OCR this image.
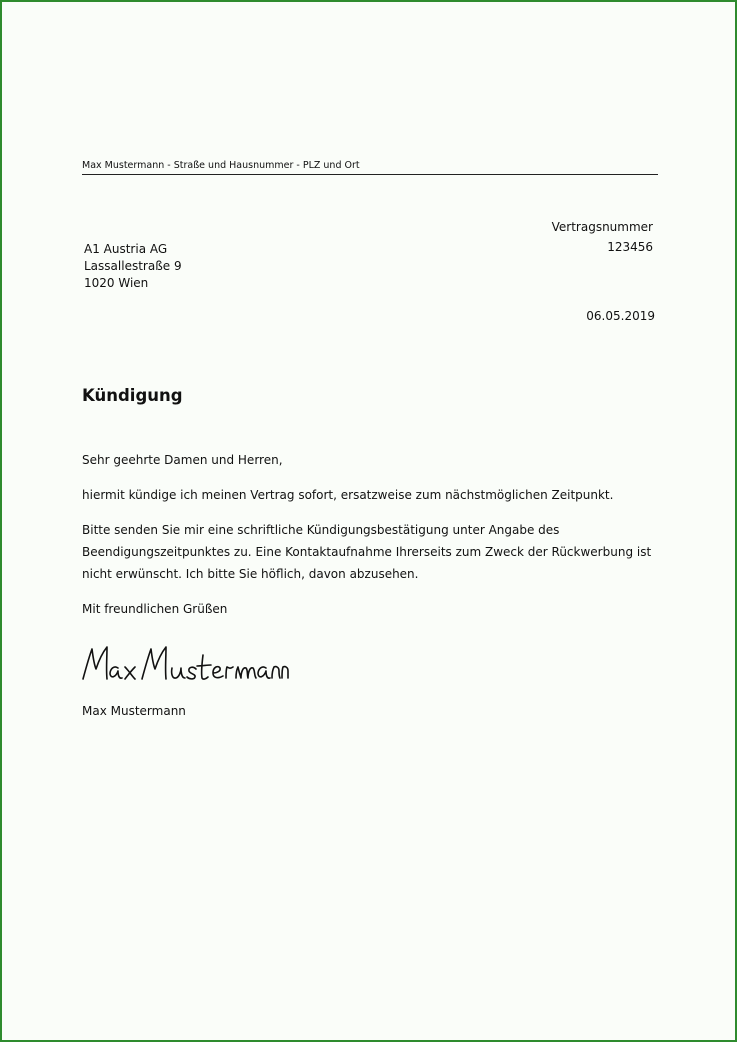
Max Mustermann - Straße und Hausnummer - PLZ und Ort
Vertragsnummer
123456
A1 Austria AG
Lassallestraße 9
1020 Wien
06.05.2019
Kündigung

Sehr geehrte Damen und Herren,

hiermit kündige ich meinen Vertrag sofort, ersatzweise zum nächstmöglichen Zeitpunkt.

Bitte senden Sie mir eine schriftliche Kündigungsbestätigung unter Angabe des Beendigungszeitpunktes zu. Eine Kontaktaufnahme Ihrerseits zum Zweck der Rückwerbung ist nicht erwünscht. Ich bitte Sie höflich, davon abzusehen.

Mit freundlichen Grüßen

Max Mustermann
